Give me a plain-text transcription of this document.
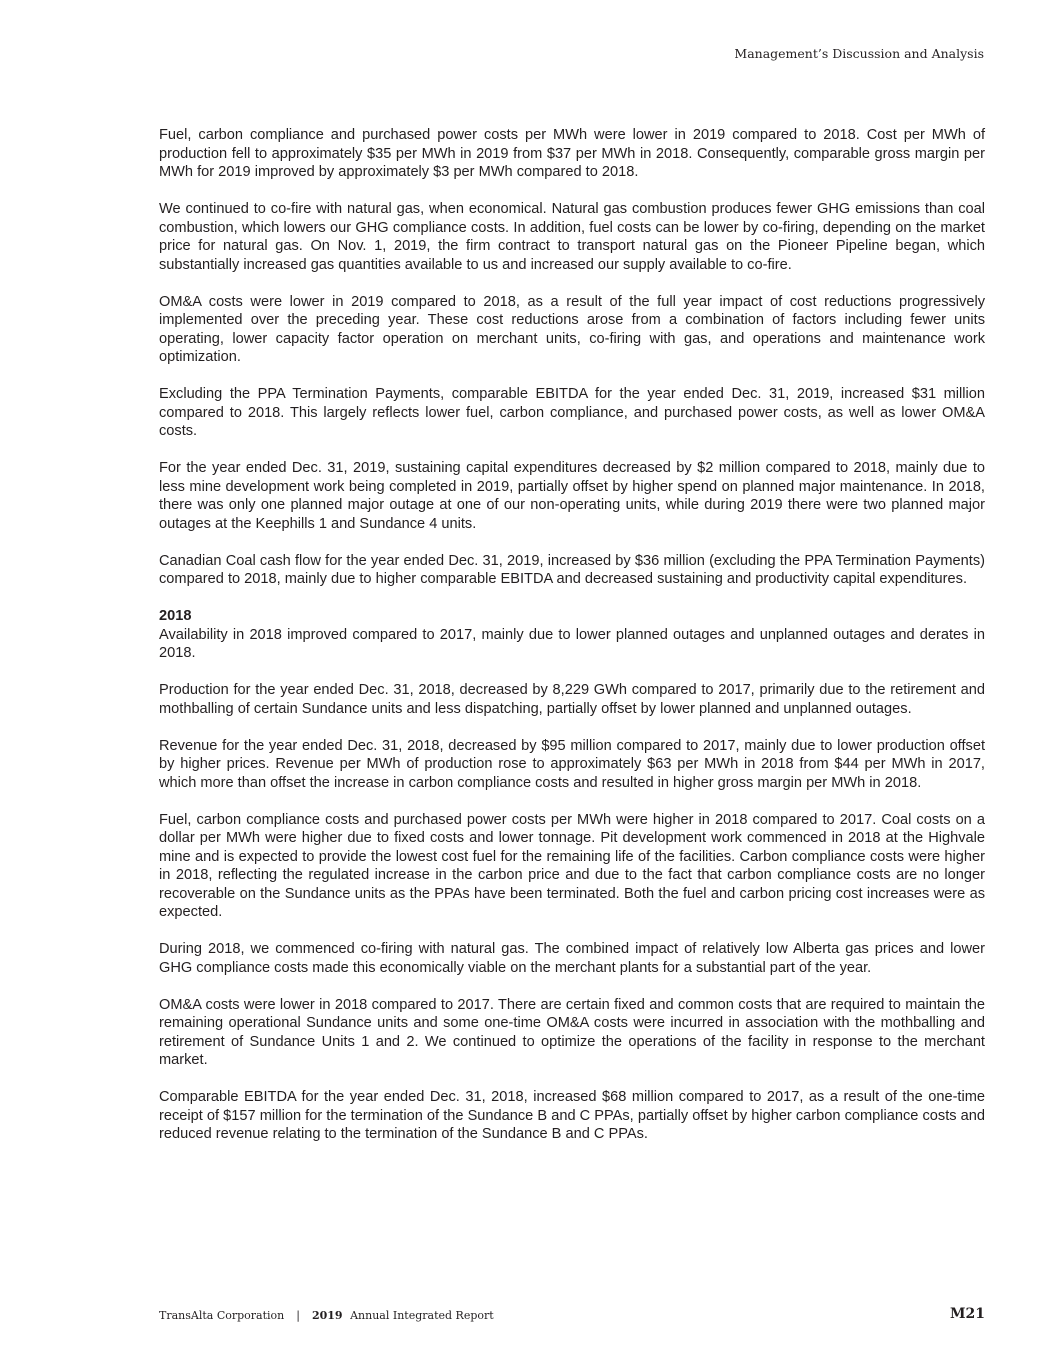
Management’s Discussion and Analysis

Fuel, carbon compliance and purchased power costs per MWh were lower in 2019 compared to 2018. Cost per MWh of production fell to approximately $35 per MWh in 2019 from $37 per MWh in 2018. Consequently, comparable gross margin per MWh for 2019 improved by approximately $3 per MWh compared to 2018.

We continued to co-fire with natural gas, when economical. Natural gas combustion produces fewer GHG emissions than coal combustion, which lowers our GHG compliance costs. In addition, fuel costs can be lower by co-firing, depending on the market price for natural gas. On Nov. 1, 2019, the firm contract to transport natural gas on the Pioneer Pipeline began, which substantially increased gas quantities available to us and increased our supply available to co-fire.

OM&A costs were lower in 2019 compared to 2018, as a result of the full year impact of cost reductions progressively implemented over the preceding year. These cost reductions arose from a combination of factors including fewer units operating, lower capacity factor operation on merchant units, co-firing with gas, and operations and maintenance work optimization.

Excluding the PPA Termination Payments, comparable EBITDA for the year ended Dec. 31, 2019, increased $31 million compared to 2018. This largely reflects lower fuel, carbon compliance, and purchased power costs, as well as lower OM&A costs.

For the year ended Dec. 31, 2019, sustaining capital expenditures decreased by $2 million compared to 2018, mainly due to less mine development work being completed in 2019, partially offset by higher spend on planned major maintenance. In 2018, there was only one planned major outage at one of our non-operating units, while during 2019 there were two planned major outages at the Keephills 1 and Sundance 4 units.

Canadian Coal cash flow for the year ended Dec. 31, 2019, increased by $36 million (excluding the PPA Termination Payments) compared to 2018, mainly due to higher comparable EBITDA and decreased sustaining and productivity capital expenditures.

2018

Availability in 2018 improved compared to 2017, mainly due to lower planned outages and unplanned outages and derates in 2018.

Production for the year ended Dec. 31, 2018, decreased by 8,229 GWh compared to 2017, primarily due to the retirement and mothballing of certain Sundance units and less dispatching, partially offset by lower planned and unplanned outages.

Revenue for the year ended Dec. 31, 2018, decreased by $95 million compared to 2017, mainly due to lower production offset by higher prices. Revenue per MWh of production rose to approximately $63 per MWh in 2018 from $44 per MWh in 2017, which more than offset the increase in carbon compliance costs and resulted in higher gross margin per MWh in 2018.

Fuel, carbon compliance costs and purchased power costs per MWh were higher in 2018 compared to 2017. Coal costs on a dollar per MWh were higher due to fixed costs and lower tonnage. Pit development work commenced in 2018 at the Highvale mine and is expected to provide the lowest cost fuel for the remaining life of the facilities. Carbon compliance costs were higher in 2018, reflecting the regulated increase in the carbon price and due to the fact that carbon compliance costs are no longer recoverable on the Sundance units as the PPAs have been terminated. Both the fuel and carbon pricing cost increases were as expected.

During 2018, we commenced co-firing with natural gas. The combined impact of relatively low Alberta gas prices and lower GHG compliance costs made this economically viable on the merchant plants for a substantial part of the year.

OM&A costs were lower in 2018 compared to 2017. There are certain fixed and common costs that are required to maintain the remaining operational Sundance units and some one-time OM&A costs were incurred in association with the mothballing and retirement of Sundance Units 1 and 2. We continued to optimize the operations of the facility in response to the merchant market.

Comparable EBITDA for the year ended Dec. 31, 2018, increased $68 million compared to 2017, as a result of the one-time receipt of $157 million for the termination of the Sundance B and C PPAs, partially offset by higher carbon compliance costs and reduced revenue relating to the termination of the Sundance B and C PPAs.

TransAlta Corporation | 2019 Annual Integrated Report	M21
